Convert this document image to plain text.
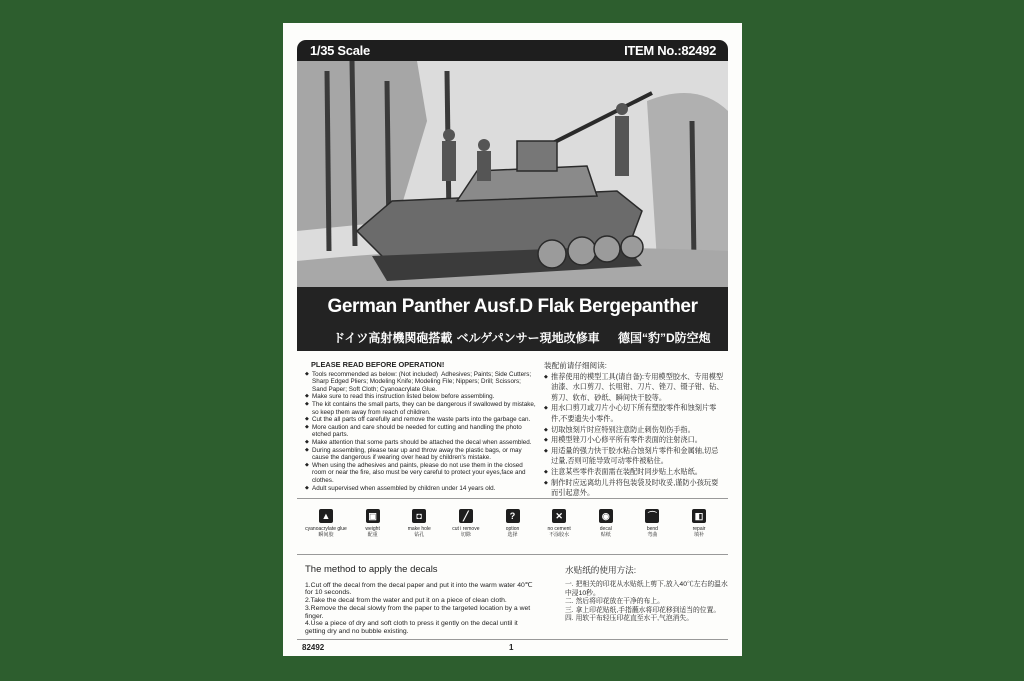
1/35 Scale	ITEM No.:82492
German Panther Ausf.D Flak Bergepanther
ドイツ高射機関砲搭載 ベルゲパンサー現地改修車 德国“豹”D防空炮
PLEASE READ BEFORE OPERATION!
◆ Tools recommended as below: (Not included)  Adhesives; Paints; Side Cutters; Sharp Edged Pliers; Modeling Knife; Modeling File; Nippers; Drill; Scissors; Sand Paper; Soft Cloth; Cyanoacrylate Glue.
◆ Make sure to read this instruction listed below before assembling.
◆ The kit contains the small parts, they can be dangerous if swallowed by mistake, so keep them away from reach of children.
◆ Cut the all parts off carefully and remove the waste parts into the garbage can.
◆ More caution and care should be needed for cutting and handling the photo etched parts.
◆ Make attention that some parts should be attached the decal when assembled.
◆ During assembling, please tear up and throw away the plastic bags, or may cause the dangerous if wearing over head by children's mistake.
◆ When using the adhesives and paints, please do not use them in the closed room or near the fire, also must be very careful to protect your eyes,face and clothes.
◆ Adult supervised when assembled by children under 14 years old.
装配前请仔细阅读:
◆ 推荐使用的模型工具(请自备):专用模型胶水、专用模型油漆、水口剪刀、长咀钳、刀片、锉刀、镊子钳、钻、剪刀、软布、砂纸、瞬间快干胶等。
◆ 用水口剪刀或刀片小心切下所有塑胶零件和蚀刻片零件,不要遗失小零件。
◆ 切取蚀刻片时应特别注意防止刺伤划伤手指。
◆ 用模型锉刀小心修平所有零件表面的注射浇口。
◆ 用适量的强力快干胶水粘合蚀刻片零件和金属轴,切忌过量,否则可能导致可动零件被粘住。
◆ 注意某些零件表面需在装配时同步贴上水贴纸。
◆ 制作时应远离幼儿并将包装袋及时收妥,谨防小孩玩耍而引起意外。
▲
cyanoacrylate glue
瞬间胶
▣
weight
配重
◘
make hole
钻孔
╱
cut i remove
切除
?
option
选择
✕
no cement
不涂胶水
◉
decal
贴纸
⌒
bend
弯曲
◧
repair
填补
The method to apply the decals

1.Cut off the decal from the decal paper and put it into the warm water 40℃ for 10 seconds.

2.Take the decal from the water and put it on a piece of clean cloth.

3.Remove the decal slowly from the paper to the targeted location by a wet finger.

4.Use a piece of dry and soft cloth to press it gently on the decal until it getting dry and no bubble existing.

水贴纸的使用方法:

一. 把相关的印花从水贴纸上剪下,放入40℃左右的温水中浸10秒。

二. 然后将印花放在干净的布上。

三. 拿上印花贴纸,手指蘸水将印花移到适当的位置。

四. 用软干布轻压印花直至水干,气泡消失。

82492	1
